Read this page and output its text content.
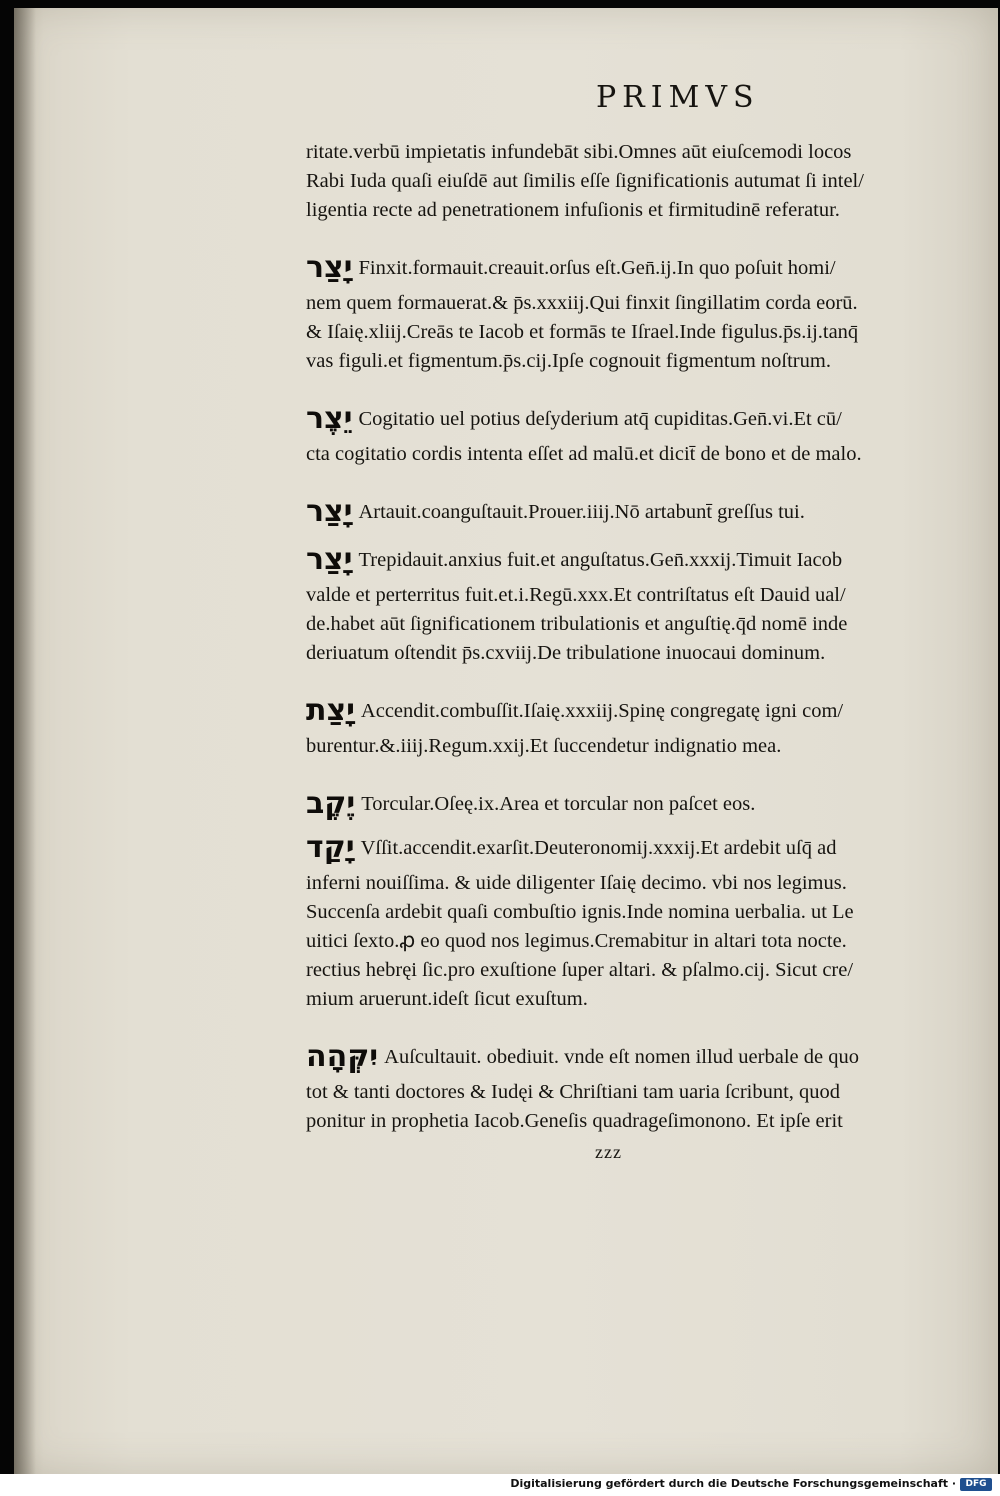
PRIMVS
ritate.verbū impietatis infundebāt sibi.Omnes aūt eiuſcemodi locos
Rabi Iuda quaſi eiuſdē aut ſimilis eſſe ſignificationis autumat ſi intel/
ligentia recte ad penetrationem infuſionis et firmitudinē referatur.
יָצַר Finxit.formauit.creauit.orſus eſt.Gen̄.ij.In quo poſuit homi/
nem quem formauerat.& p̄s.xxxiij.Qui finxit ſingillatim corda eorū.
& Iſaię.xliij.Creās te Iacob et formās te Iſrael.Inde figulus.p̄s.ij.tanq̄
vas figuli.et figmentum.p̄s.cij.Ipſe cognouit figmentum noſtrum.
יֵצֶר Cogitatio uel potius deſyderium atq̄ cupiditas.Gen̄.vi.Et cū/
cta cogitatio cordis intenta eſſet ad malū.et dicit̄ de bono et de malo.
יָצַר Artauit.coanguſtauit.Prouer.iiij.Nō artabunt̄ greſſus tui.
יָצַר Trepidauit.anxius fuit.et anguſtatus.Gen̄.xxxij.Timuit Iacob
valde et perterritus fuit.et.i.Regū.xxx.Et contriſtatus eſt Dauid ual/
de.habet aūt ſignificationem tribulationis et anguſtię.q̄d nomē inde
deriuatum oſtendit p̄s.cxviij.De tribulatione inuocaui dominum.
יָצַת Accendit.combuſſit.Iſaię.xxxiij.Spinę congregatę igni com/
burentur.&.iiij.Regum.xxij.Et ſuccendetur indignatio mea.
יֶקֶב Torcular.Oſeę.ix.Area et torcular non paſcet eos.
יָקַד Vſſit.accendit.exarſit.Deuteronomij.xxxij.Et ardebit uſq̄ ad
inferni nouiſſima. & uide diligenter Iſaię decimo. vbi nos legimus.
Succenſa ardebit quaſi combuſtio ignis.Inde nomina uerbalia. ut Le
uitici ſexto.ꝓ eo quod nos legimus.Cremabitur in altari tota nocte.
rectius hebręi ſic.pro exuſtione ſuper altari. & pſalmo.cij. Sicut cre/
mium aruerunt.ideſt ſicut exuſtum.
יִקְּהָה Auſcultauit. obediuit. vnde eſt nomen illud uerbale de quo
tot & tanti doctores & Iudęi & Chriſtiani tam uaria ſcribunt, quod
ponitur in prophetia Iacob.Geneſis quadrageſimonono. Et ipſe erit
zzz
Digitalisierung gefördert durch die Deutsche Forschungsgemeinschaft ·	DFG
